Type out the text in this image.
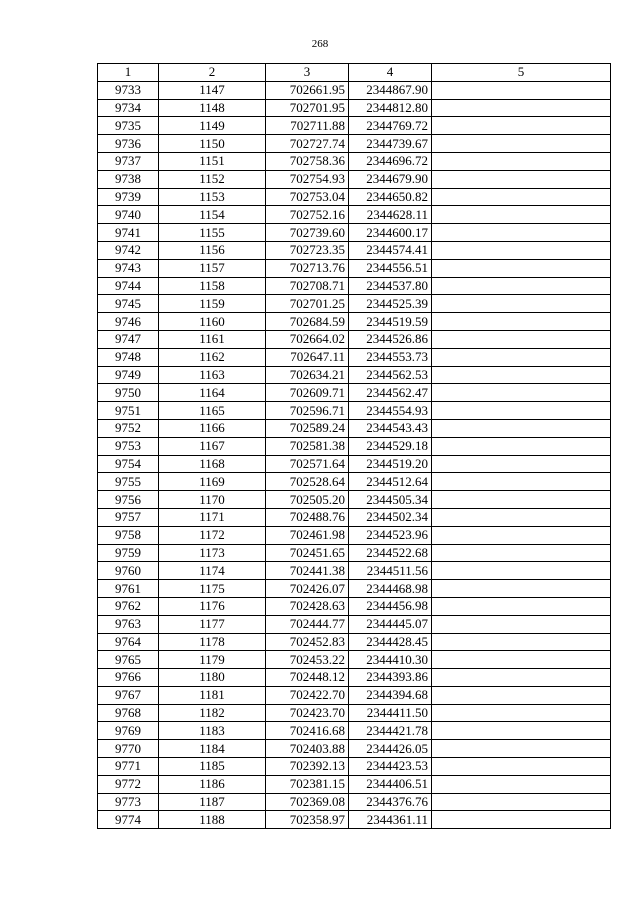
268
1	2	3	4	5
9733	1147	702661.95	2344867.90	
9734	1148	702701.95	2344812.80	
9735	1149	702711.88	2344769.72	
9736	1150	702727.74	2344739.67	
9737	1151	702758.36	2344696.72	
9738	1152	702754.93	2344679.90	
9739	1153	702753.04	2344650.82	
9740	1154	702752.16	2344628.11	
9741	1155	702739.60	2344600.17	
9742	1156	702723.35	2344574.41	
9743	1157	702713.76	2344556.51	
9744	1158	702708.71	2344537.80	
9745	1159	702701.25	2344525.39	
9746	1160	702684.59	2344519.59	
9747	1161	702664.02	2344526.86	
9748	1162	702647.11	2344553.73	
9749	1163	702634.21	2344562.53	
9750	1164	702609.71	2344562.47	
9751	1165	702596.71	2344554.93	
9752	1166	702589.24	2344543.43	
9753	1167	702581.38	2344529.18	
9754	1168	702571.64	2344519.20	
9755	1169	702528.64	2344512.64	
9756	1170	702505.20	2344505.34	
9757	1171	702488.76	2344502.34	
9758	1172	702461.98	2344523.96	
9759	1173	702451.65	2344522.68	
9760	1174	702441.38	2344511.56	
9761	1175	702426.07	2344468.98	
9762	1176	702428.63	2344456.98	
9763	1177	702444.77	2344445.07	
9764	1178	702452.83	2344428.45	
9765	1179	702453.22	2344410.30	
9766	1180	702448.12	2344393.86	
9767	1181	702422.70	2344394.68	
9768	1182	702423.70	2344411.50	
9769	1183	702416.68	2344421.78	
9770	1184	702403.88	2344426.05	
9771	1185	702392.13	2344423.53	
9772	1186	702381.15	2344406.51	
9773	1187	702369.08	2344376.76	
9774	1188	702358.97	2344361.11	
